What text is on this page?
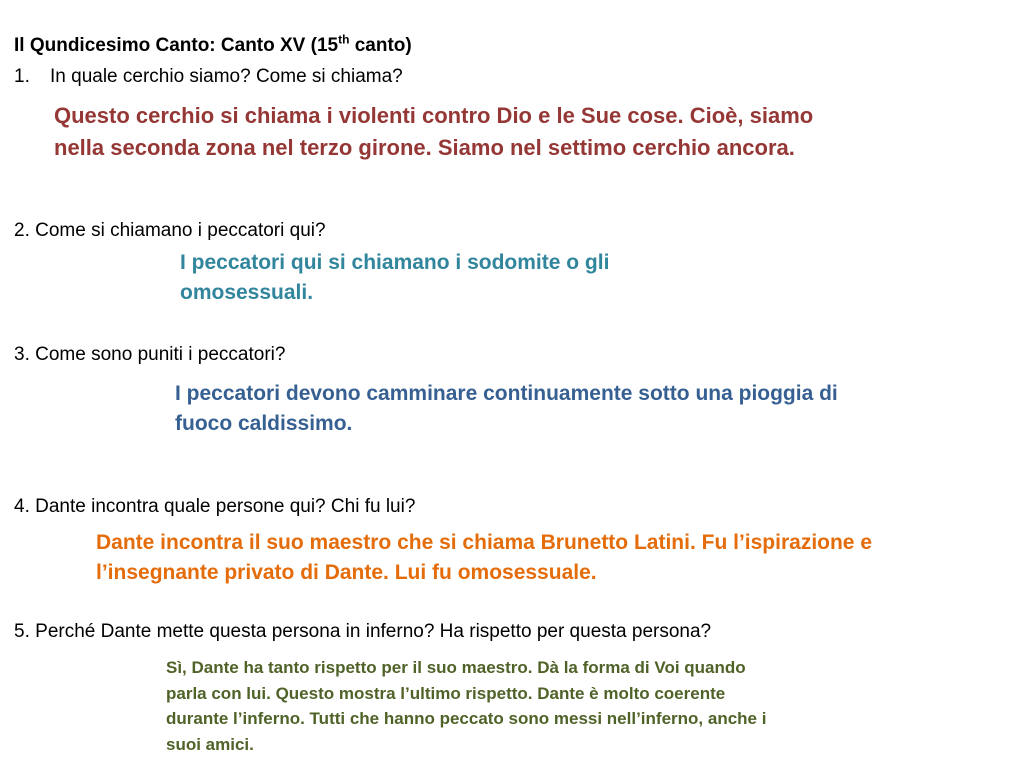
Il Qundicesimo Canto: Canto XV (15th canto)
1. In quale cerchio siamo? Come si chiama?
Questo cerchio si chiama i violenti contro Dio e le Sue cose. Cioè, siamo nella seconda zona nel terzo girone. Siamo nel settimo cerchio ancora.
2. Come si chiamano i peccatori qui?
I peccatori qui si chiamano i sodomite o gli omosessuali.
3. Come sono puniti i peccatori?
I peccatori devono camminare continuamente sotto una pioggia di fuoco caldissimo.
4. Dante incontra quale persone qui? Chi fu lui?
Dante incontra il suo maestro che si chiama Brunetto Latini. Fu l’ispirazione e l’insegnante privato di Dante. Lui fu omosessuale.
5. Perché Dante mette questa persona in inferno? Ha rispetto per questa persona?
Sì, Dante ha tanto rispetto per il suo maestro. Dà la forma di Voi quando parla con lui. Questo mostra l’ultimo rispetto. Dante è molto coerente durante l’inferno. Tutti che hanno peccato sono messi nell’inferno, anche i suoi amici.
